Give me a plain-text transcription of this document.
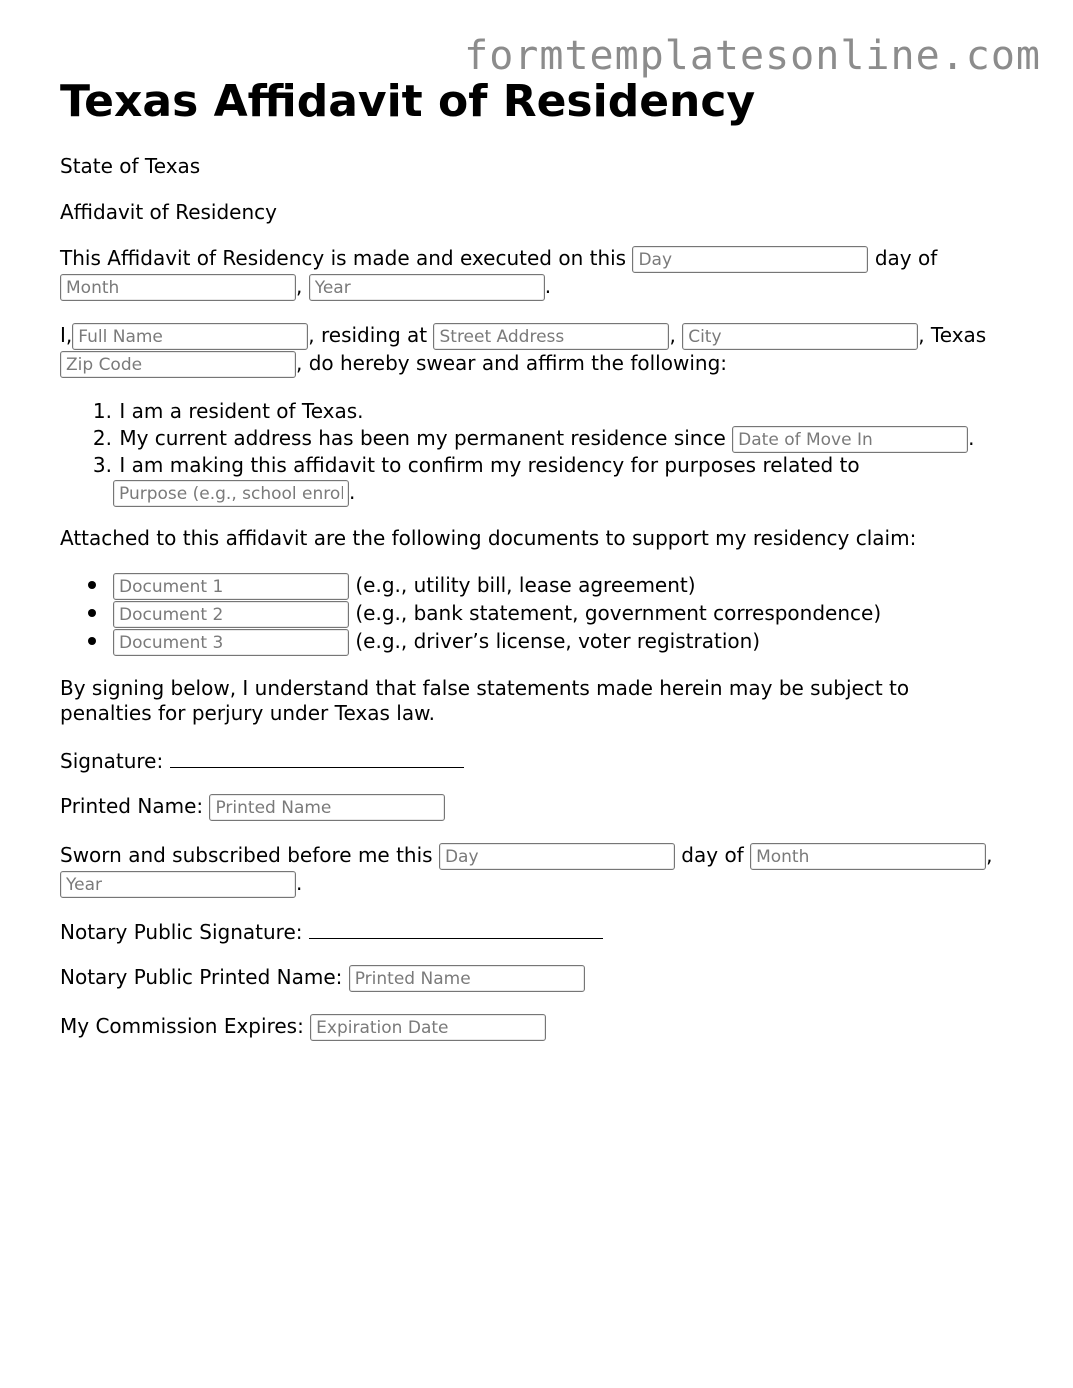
formtemplatesonline.com
Texas Affidavit of Residency

State of Texas

Affidavit of Residency

This Affidavit of Residency is made and executed on this Day	day of
Month, Year	.
I,Full Name	, residing at Street Address	, City	, Texas
Zip Code, do hereby swear and affirm the following:
1. I am a resident of Texas.
2. My current address has been my permanent residence since Date of Move In	.
3. I am making this affidavit to confirm my residency for purposes related to
Purpose (e.g., school enrollment).

Attached to this affidavit are the following documents to support my residency claim:

Document 1 (e.g., utility bill, lease agreement)
Document 2 (e.g., bank statement, government correspondence)
Document 3 (e.g., driver’s license, voter registration)

By signing below, I understand that false statements made herein may be subject to penalties for perjury under Texas law.

Signature:
Printed Name: Printed Name
Sworn and subscribed before me this Day	day of Month	,
Year.
Notary Public Signature:
Notary Public Printed Name: Printed Name
My Commission Expires: Expiration Date
